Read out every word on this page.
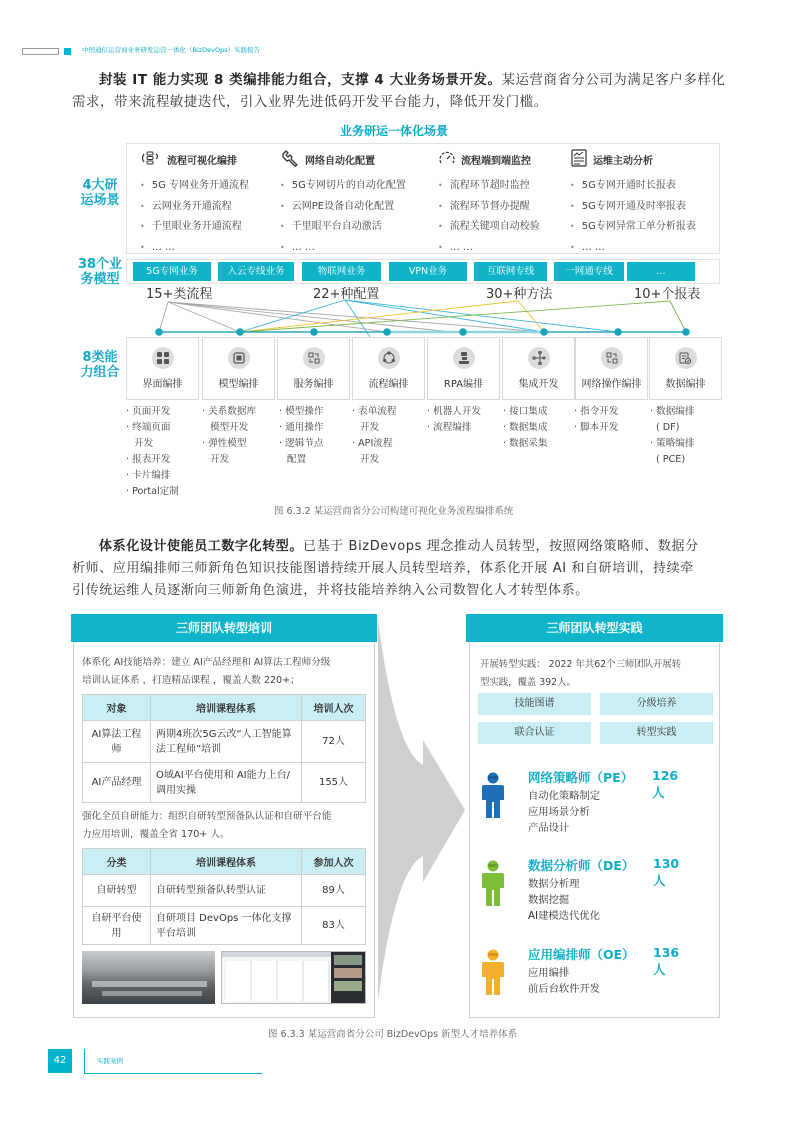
中国通信运营商业务研发运营一体化（BizDevOps）实践报告
封装 IT 能力实现 8 类编排能力组合，支撑 4 大业务场景开发。某运营商省分公司为满足客户多样化
需求，带来流程敏捷迭代，引入业界先进低码开发平台能力，降低开发门槛。
业务研运一体化场景
4大研
运场景
38个业
务模型
8类能
力组合
流程可视化编排
• 5G 专网业务开通流程
• 云网业务开通流程
• 千里眼业务开通流程
• … …
网络自动化配置
• 5G专网切片的自动化配置
• 云网PE设备自动化配置
• 千里眼平台自动激活
• … …
流程端到端监控
• 流程环节超时监控
• 流程环节督办提醒
• 流程关键项自动校验
• … …
运维主动分析
• 5G专网开通时长报表
• 5G专网开通及时率报表
• 5G专网异常工单分析报表
• … …
5G专网业务	入云专线业务	物联网业务	VPN业务	互联网专线	一网通专线	...
15+类流程	22+种配置	30+种方法	10+个报表
界面编排	模型编排	服务编排	流程编排	RPA编排	集成开发	网络操作编排	数据编排
· 页面开发
· 终端页面
开发
· 报表开发
· 卡片编排
· Portal定制
· 关系数据库
模型开发
· 弹性模型
开发
· 模型操作
· 通用操作
· 逻辑节点
配置
· 表单流程
开发
· API流程
开发
· 机器人开发
· 流程编排
· 接口集成
· 数据集成
· 数据采集
· 指令开发
· 脚本开发
· 数据编排
( DF)
· 策略编排
( PCE)
图 6.3.2 某运营商省分公司构建可视化业务流程编排系统
体系化设计使能员工数字化转型。已基于 BizDevops 理念推动人员转型，按照网络策略师、数据分
析师、应用编排师三师新角色知识技能图谱持续开展人员转型培养，体系化开展 AI 和自研培训，持续牵
引传统运维人员逐渐向三师新角色演进，并将技能培养纳入公司数智化人才转型体系。
三师团队转型培训
体系化 AI技能培养：建立 AI产品经理和 AI算法工程师分级
培训认证体系 ，打造精品课程 ，覆盖人数 220+；
对象	培训课程体系	培训人次
AI算法工程师	两期4班次5G云改“人工智能算法工程师”培训	72人
AI产品经理	O域AI平台使用和 AI能力上台/调用实操	155人
强化全员自研能力：组织自研转型预备队认证和自研平台能
力应用培训，覆盖全省 170+ 人。
分类	培训课程体系	参加人次
自研转型	自研转型预备队转型认证	89人
自研平台使用	自研项目 DevOps 一体化支撑平台培训	83人
三师团队转型实践
开展转型实践： 2022 年共62个三师团队开展转
型实践，覆盖 392人。
技能图谱	分级培养
联合认证	转型实践
网络策略师（PE） 126人
自动化策略制定
应用场景分析
产品设计
数据分析师（DE） 130人
数据分析理
数据挖掘
AI建模迭代优化
应用编排师（OE） 136人
应用编排
前后台软件开发
图 6.3.3 某运营商省分公司 BizDevOps 新型人才培养体系
42	实践案例
